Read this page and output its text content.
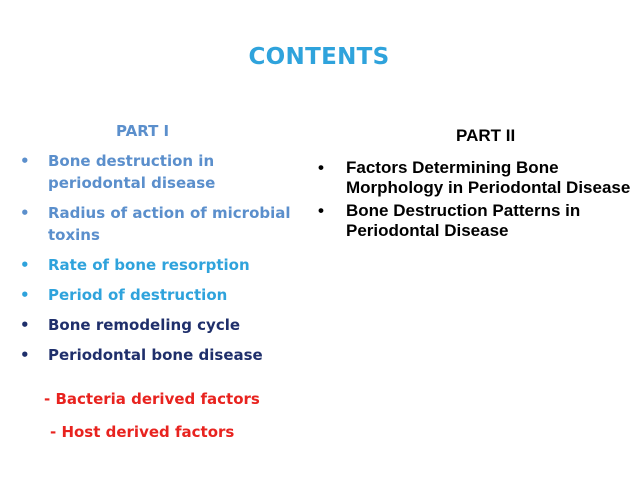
CONTENTS
PART I
• Bone destruction in periodontal disease
• Radius of action of microbial toxins
• Rate of bone resorption
• Period of destruction
• Bone remodeling cycle
• Periodontal bone disease
- Bacteria derived factors
- Host derived factors
PART II
• Factors Determining Bone Morphology in Periodontal Disease
• Bone Destruction Patterns in Periodontal Disease
